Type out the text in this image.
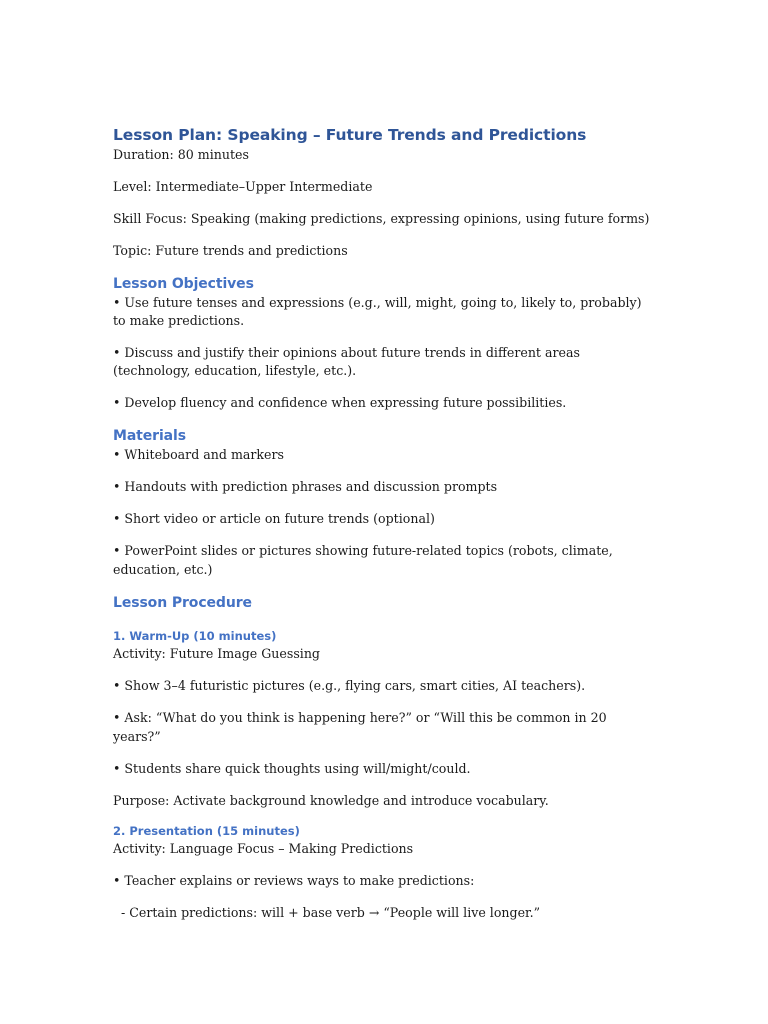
Lesson Plan: Speaking – Future Trends and Predictions

Duration: 80 minutes

Level: Intermediate–Upper Intermediate

Skill Focus: Speaking (making predictions, expressing opinions, using future forms)

Topic: Future trends and predictions

Lesson Objectives

• Use future tenses and expressions (e.g., will, might, going to, likely to, probably) to make predictions.

• Discuss and justify their opinions about future trends in different areas (technology, education, lifestyle, etc.).

• Develop fluency and confidence when expressing future possibilities.

Materials

• Whiteboard and markers

• Handouts with prediction phrases and discussion prompts

• Short video or article on future trends (optional)

• PowerPoint slides or pictures showing future-related topics (robots, climate, education, etc.)

Lesson Procedure
1. Warm-Up (10 minutes)

Activity: Future Image Guessing

• Show 3–4 futuristic pictures (e.g., flying cars, smart cities, AI teachers).

• Ask: “What do you think is happening here?” or “Will this be common in 20 years?”

• Students share quick thoughts using will/might/could.

Purpose: Activate background knowledge and introduce vocabulary.

2. Presentation (15 minutes)

Activity: Language Focus – Making Predictions

• Teacher explains or reviews ways to make predictions:

- Certain predictions: will + base verb → “People will live longer.”
